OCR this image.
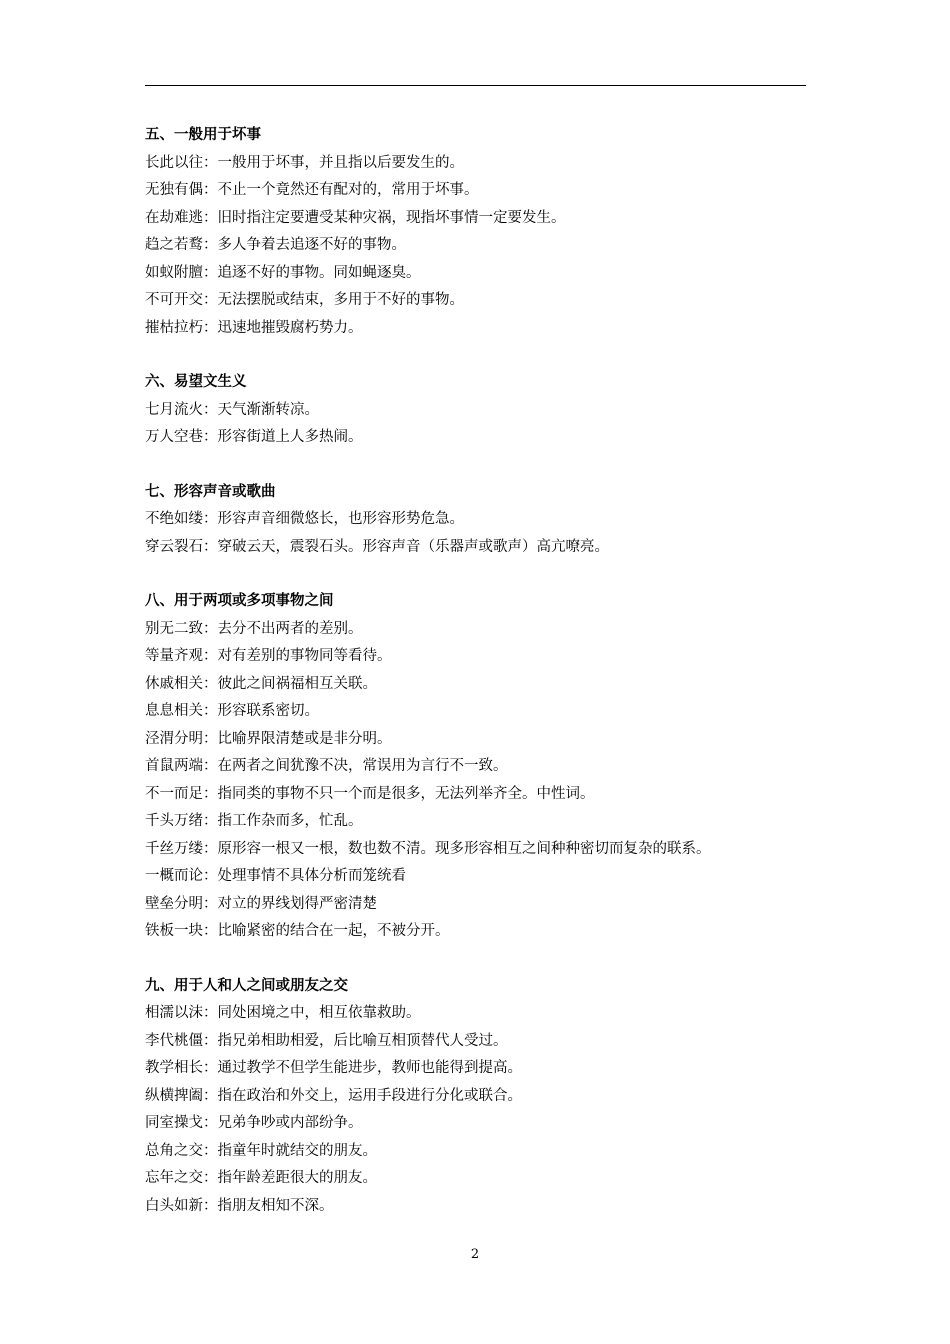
五、一般用于坏事
长此以往：一般用于坏事，并且指以后要发生的。
无独有偶：不止一个竟然还有配对的，常用于坏事。
在劫难逃：旧时指注定要遭受某种灾祸，现指坏事情一定要发生。
趋之若鹜：多人争着去追逐不好的事物。
如蚁附膻：追逐不好的事物。同如蝇逐臭。
不可开交：无法摆脱或结束，多用于不好的事物。
摧枯拉朽：迅速地摧毁腐朽势力。
六、易望文生义
七月流火：天气渐渐转凉。
万人空巷：形容街道上人多热闹。
七、形容声音或歌曲
不绝如缕：形容声音细微悠长，也形容形势危急。
穿云裂石：穿破云天，震裂石头。形容声音（乐器声或歌声）高亢嘹亮。
八、用于两项或多项事物之间
别无二致：去分不出两者的差别。
等量齐观：对有差别的事物同等看待。
休戚相关：彼此之间祸福相互关联。
息息相关：形容联系密切。
泾渭分明：比喻界限清楚或是非分明。
首鼠两端：在两者之间犹豫不决，常误用为言行不一致。
不一而足：指同类的事物不只一个而是很多，无法列举齐全。中性词。
千头万绪：指工作杂而多，忙乱。
千丝万缕：原形容一根又一根，数也数不清。现多形容相互之间种种密切而复杂的联系。
一概而论：处理事情不具体分析而笼统看
壁垒分明：对立的界线划得严密清楚
铁板一块：比喻紧密的结合在一起，不被分开。
九、用于人和人之间或朋友之交
相濡以沫：同处困境之中，相互依靠救助。
李代桃僵：指兄弟相助相爱，后比喻互相顶替代人受过。
教学相长：通过教学不但学生能进步，教师也能得到提高。
纵横捭阖：指在政治和外交上，运用手段进行分化或联合。
同室操戈：兄弟争吵或内部纷争。
总角之交：指童年时就结交的朋友。
忘年之交：指年龄差距很大的朋友。
白头如新：指朋友相知不深。
2
